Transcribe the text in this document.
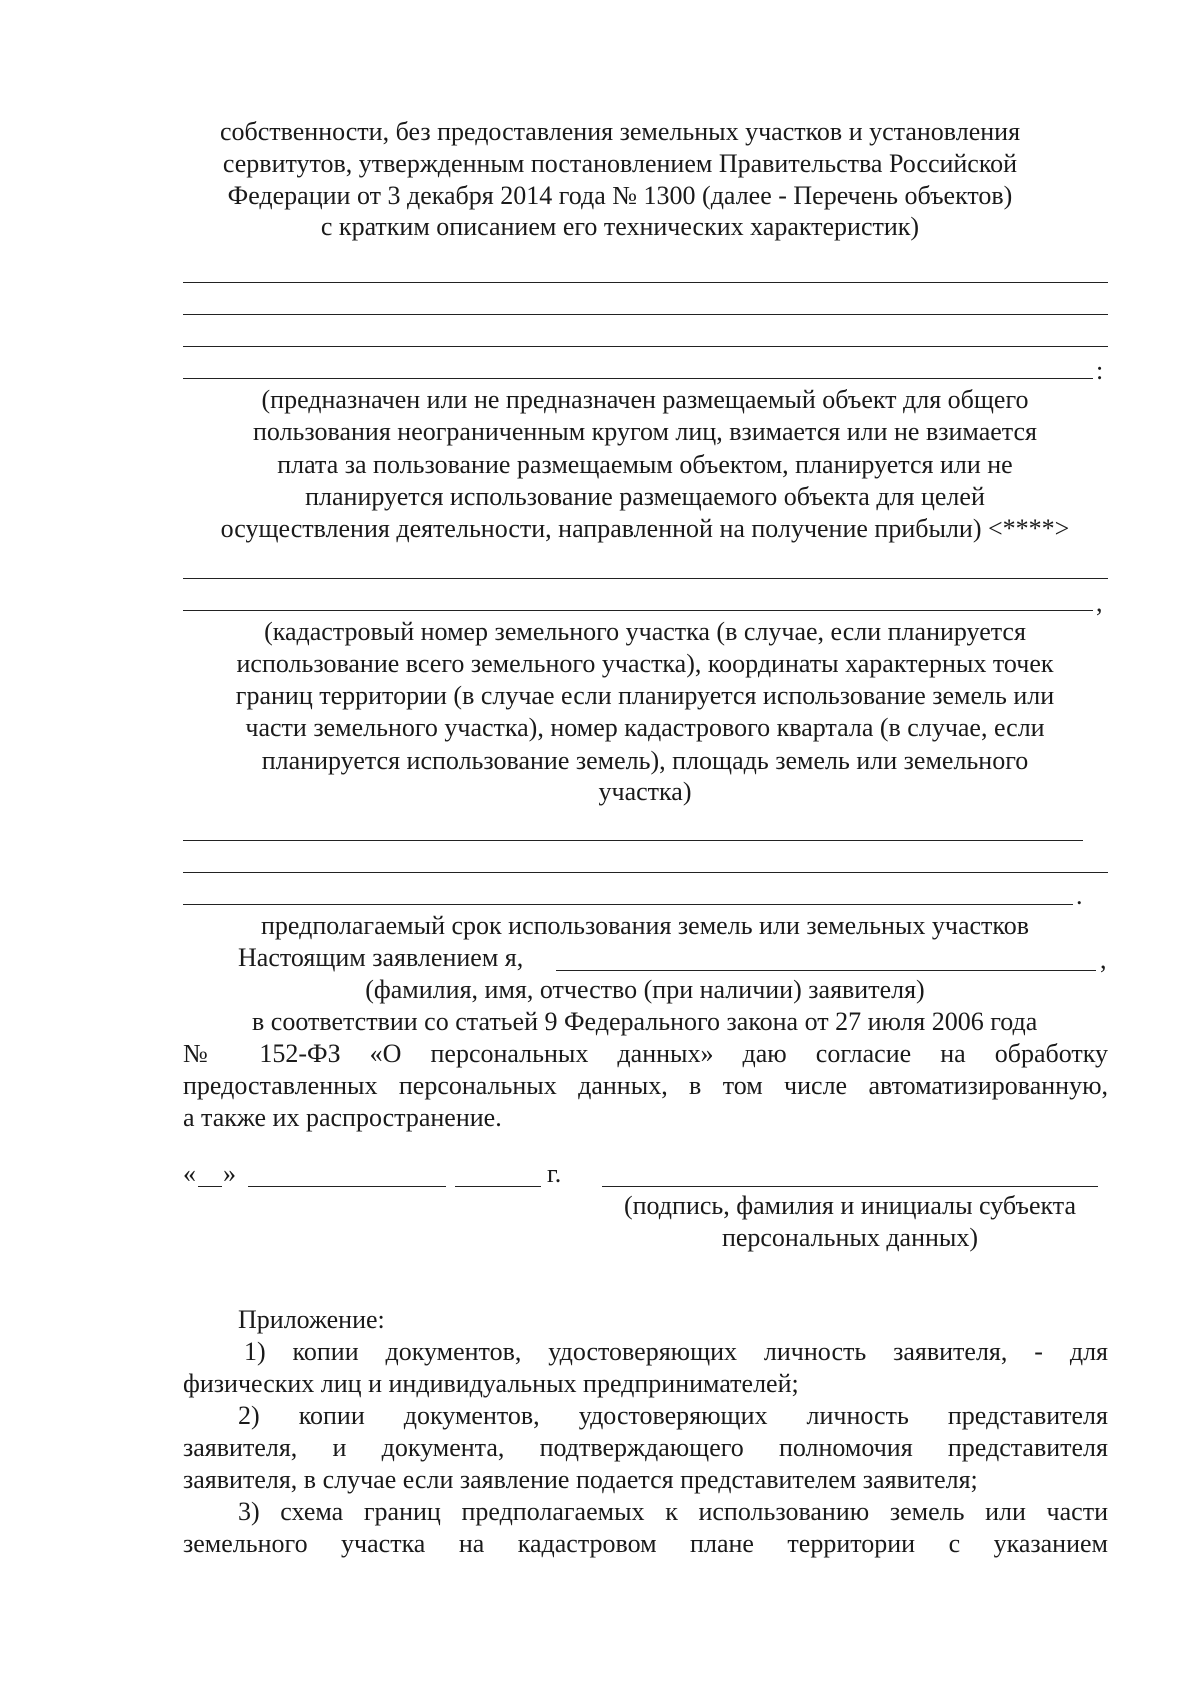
собственности, без предоставления земельных участков и установления
сервитутов, утвержденным постановлением Правительства Российской
Федерации от 3 декабря 2014 года № 1300 (далее - Перечень объектов)
с кратким описанием его технических характеристик)
:
(предназначен или не предназначен размещаемый объект для общего
пользования неограниченным кругом лиц, взимается или не взимается
плата за пользование размещаемым объектом, планируется или не
планируется использование размещаемого объекта для целей
осуществления деятельности, направленной на получение прибыли) <****>
,
(кадастровый номер земельного участка (в случае, если планируется
использование всего земельного участка), координаты характерных точек
границ территории (в случае если планируется использование земель или
части земельного участка), номер кадастрового квартала (в случае, если
планируется использование земель), площадь земель или земельного
участка)
.
предполагаемый срок использования земель или земельных участков
Настоящим заявлением я,	,
(фамилия, имя, отчество (при наличии) заявителя)
в соответствии со статьей 9 Федерального закона от 27 июля 2006 года
№ 152-ФЗ «О персональных данных» даю согласие на обработку
предоставленных персональных данных, в том числе автоматизированную,
а также их распространение.
« »	г.
(подпись, фамилия и инициалы субъекта
персональных данных)
Приложение:
1) копии документов, удостоверяющих личность заявителя, - для
физических лиц и индивидуальных предпринимателей;
2) копии документов, удостоверяющих личность представителя
заявителя, и документа, подтверждающего полномочия представителя
заявителя, в случае если заявление подается представителем заявителя;
3) схема границ предполагаемых к использованию земель или части
земельного участка на кадастровом плане территории с указанием
